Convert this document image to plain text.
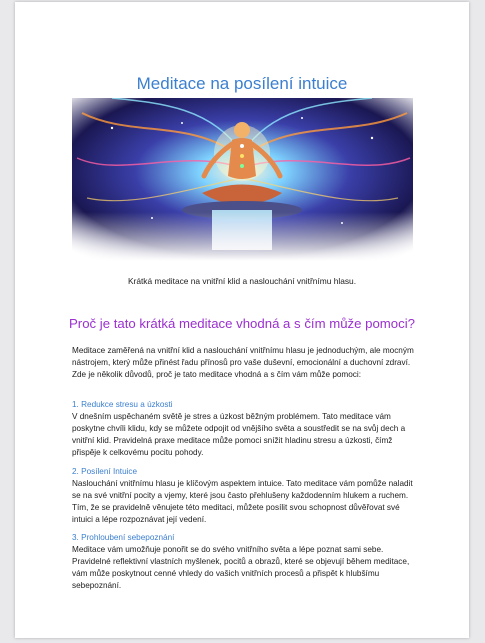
Meditace na posílení intuice
Krátká meditace na vnitřní klid a naslouchání vnitřnímu hlasu.
Proč je tato krátká meditace vhodná a s čím může pomoci?
Meditace zaměřená na vnitřní klid a naslouchání vnitřnímu hlasu je jednoduchým, ale mocným nástrojem, který může přinést řadu přínosů pro vaše duševní, emocionální a duchovní zdraví. Zde je několik důvodů, proč je tato meditace vhodná a s čím vám může pomoci:
1. Redukce stresu a úzkosti
V dnešním uspěchaném světě je stres a úzkost běžným problémem. Tato meditace vám poskytne chvíli klidu, kdy se můžete odpojit od vnějšího světa a soustředit se na svůj dech a vnitřní klid. Pravidelná praxe meditace může pomoci snížit hladinu stresu a úzkosti, čímž přispěje k celkovému pocitu pohody.
2. Posílení Intuice
Naslouchání vnitřnímu hlasu je klíčovým aspektem intuice. Tato meditace vám pomůže naladit se na své vnitřní pocity a vjemy, které jsou často přehlušeny každodenním hlukem a ruchem. Tím, že se pravidelně věnujete této meditaci, můžete posílit svou schopnost důvěřovat své intuici a lépe rozpoznávat její vedení.
3. Prohloubení sebepoznání
Meditace vám umožňuje ponořit se do svého vnitřního světa a lépe poznat sami sebe. Pravidelné reflektivní vlastních myšlenek, pocitů a obrazů, které se objevují během meditace, vám může poskytnout cenné vhledy do vašich vnitřních procesů a přispět k hlubšímu sebepoznání.
